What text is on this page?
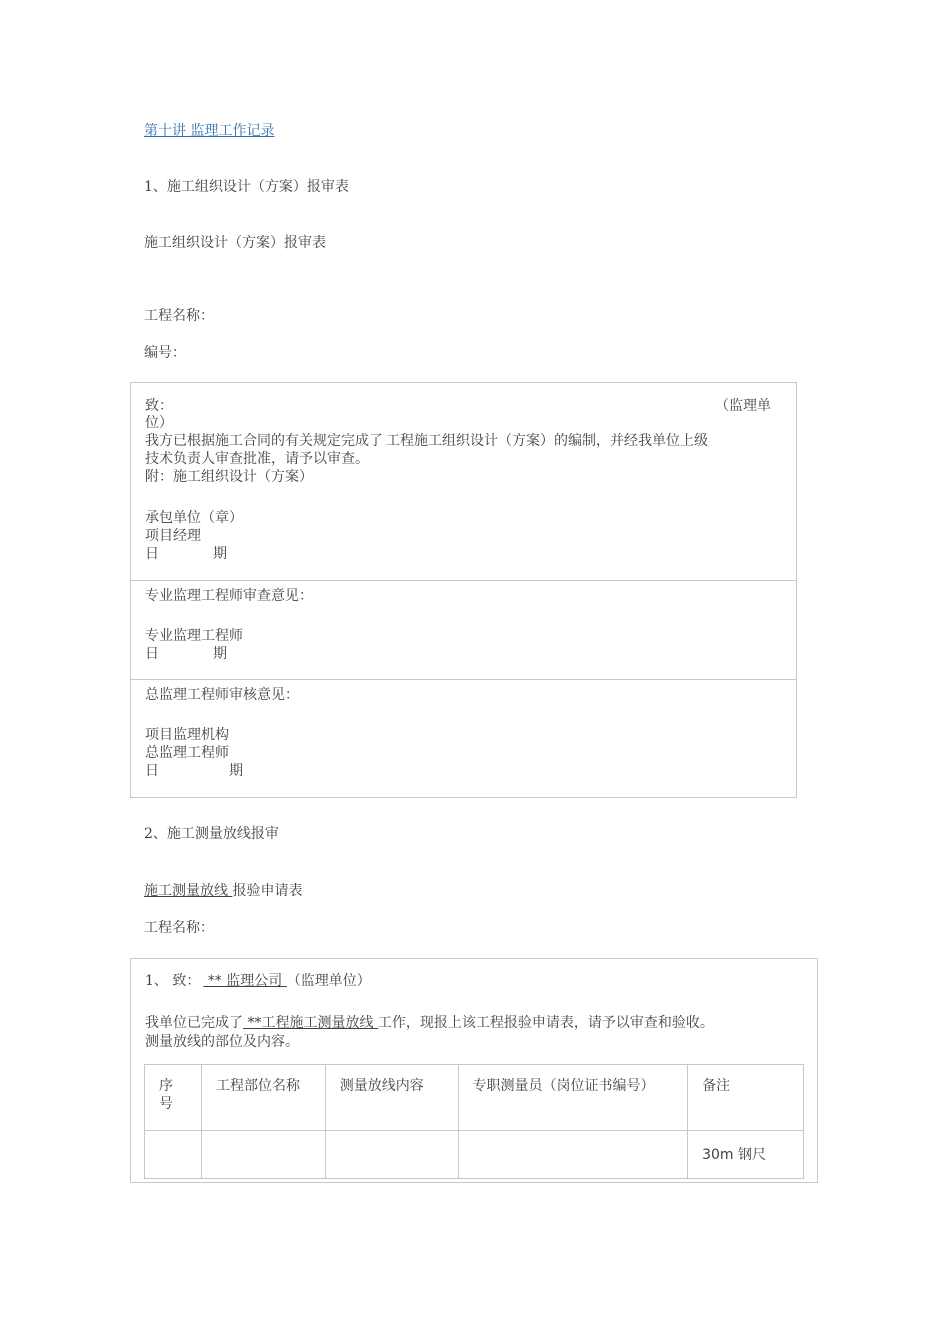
第十讲 监理工作记录
1、施工组织设计（方案）报审表
施工组织设计（方案）报审表
工程名称：
编号：
致：	（监理单
位）
我方已根据施工合同的有关规定完成了 工程施工组织设计（方案）的编制，并经我单位上级
技术负责人审查批准，请予以审查。
附：施工组织设计（方案）
承包单位（章）
项目经理
日	期
专业监理工程师审查意见：
专业监理工程师
日	期
总监理工程师审核意见：
项目监理机构
总监理工程师
日	期
2、施工测量放线报审
施工测量放线 报验申请表
工程名称：
1、 致： ** 监理公司 （监理单位）
我单位已完成了 **工程施工测量放线 工作，现报上该工程报验申请表，请予以审查和验收。
测量放线的部位及内容。
序
号	工程部位名称	测量放线内容	专职测量员（岗位证书编号）	备注
				30m 钢尺
